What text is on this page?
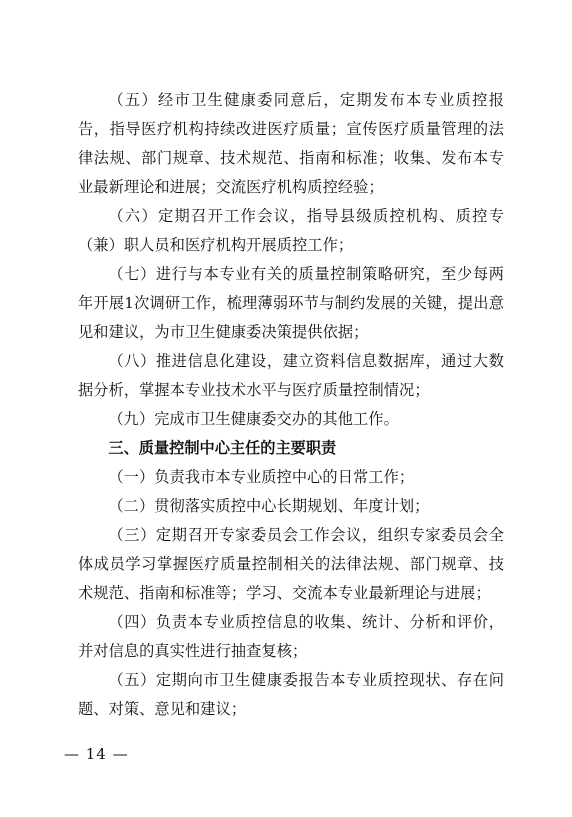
（五）经市卫生健康委同意后，定期发布本专业质控报告，指导医疗机构持续改进医疗质量；宣传医疗质量管理的法律法规、部门规章、技术规范、指南和标准；收集、发布本专业最新理论和进展；交流医疗机构质控经验；

（六）定期召开工作会议，指导县级质控机构、质控专（兼）职人员和医疗机构开展质控工作；

（七）进行与本专业有关的质量控制策略研究，至少每两年开展1次调研工作，梳理薄弱环节与制约发展的关键，提出意见和建议，为市卫生健康委决策提供依据；

（八）推进信息化建设，建立资料信息数据库，通过大数据分析，掌握本专业技术水平与医疗质量控制情况；

（九）完成市卫生健康委交办的其他工作。

三、质量控制中心主任的主要职责

（一）负责我市本专业质控中心的日常工作；

（二）贯彻落实质控中心长期规划、年度计划；

（三）定期召开专家委员会工作会议，组织专家委员会全体成员学习掌握医疗质量控制相关的法律法规、部门规章、技术规范、指南和标准等；学习、交流本专业最新理论与进展；

（四）负责本专业质控信息的收集、统计、分析和评价，并对信息的真实性进行抽查复核；

（五）定期向市卫生健康委报告本专业质控现状、存在问题、对策、意见和建议；

— 14 —
